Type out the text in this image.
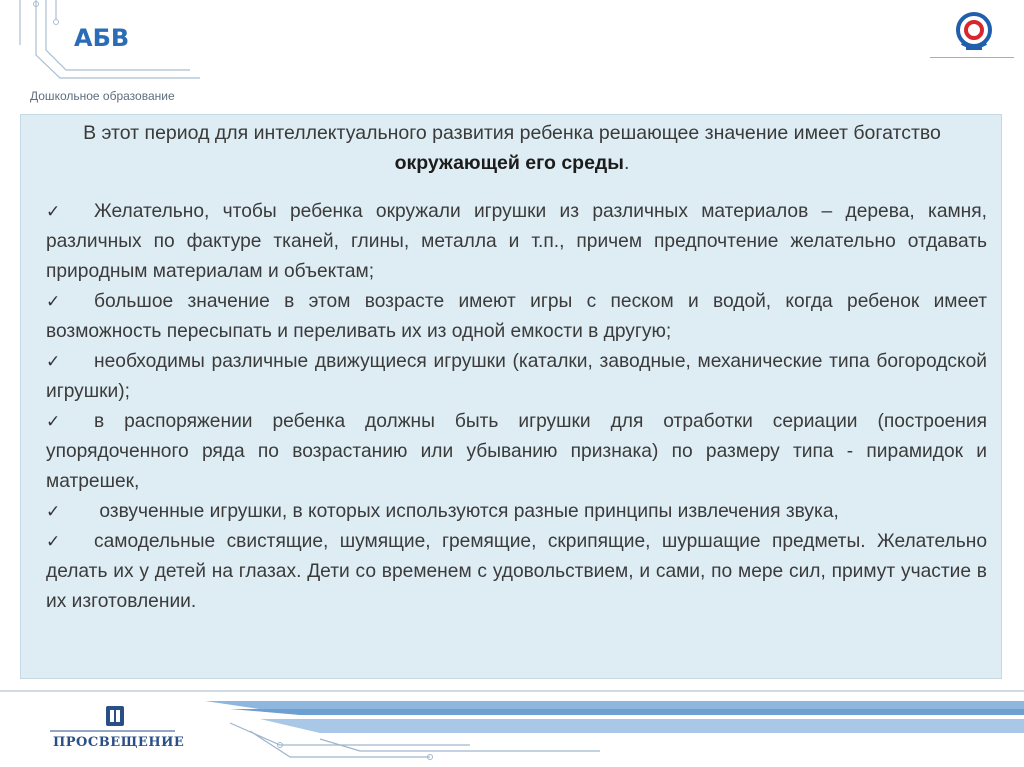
АБВ
Дошкольное образование
В этот период для интеллектуального развития ребенка решающее значение имеет богатство окружающей его среды.

✓ Желательно, чтобы ребенка окружали игрушки из различных материалов – дерева, камня, различных по фактуре тканей, глины, металла и т.п., причем предпочтение желательно отдавать природным материалам и объектам;

✓ большое значение в этом возрасте имеют игры с песком и водой, когда ребенок имеет возможность пересыпать и переливать их из одной емкости в другую;

✓ необходимы различные движущиеся игрушки (каталки, заводные, механические типа богородской игрушки);

✓ в распоряжении ребенка должны быть игрушки для отработки сериации (построения упорядоченного ряда по возрастанию или убыванию признака) по размеру типа - пирамидок и матрешек,

✓ озвученные игрушки, в которых используются разные принципы извлечения звука,

✓ самодельные свистящие, шумящие, гремящие, скрипящие, шуршащие предметы. Желательно делать их у детей на глазах. Дети со временем с удовольствием, и сами, по мере сил, примут участие в их изготовлении.

ПРОСВЕЩЕНИЕ
